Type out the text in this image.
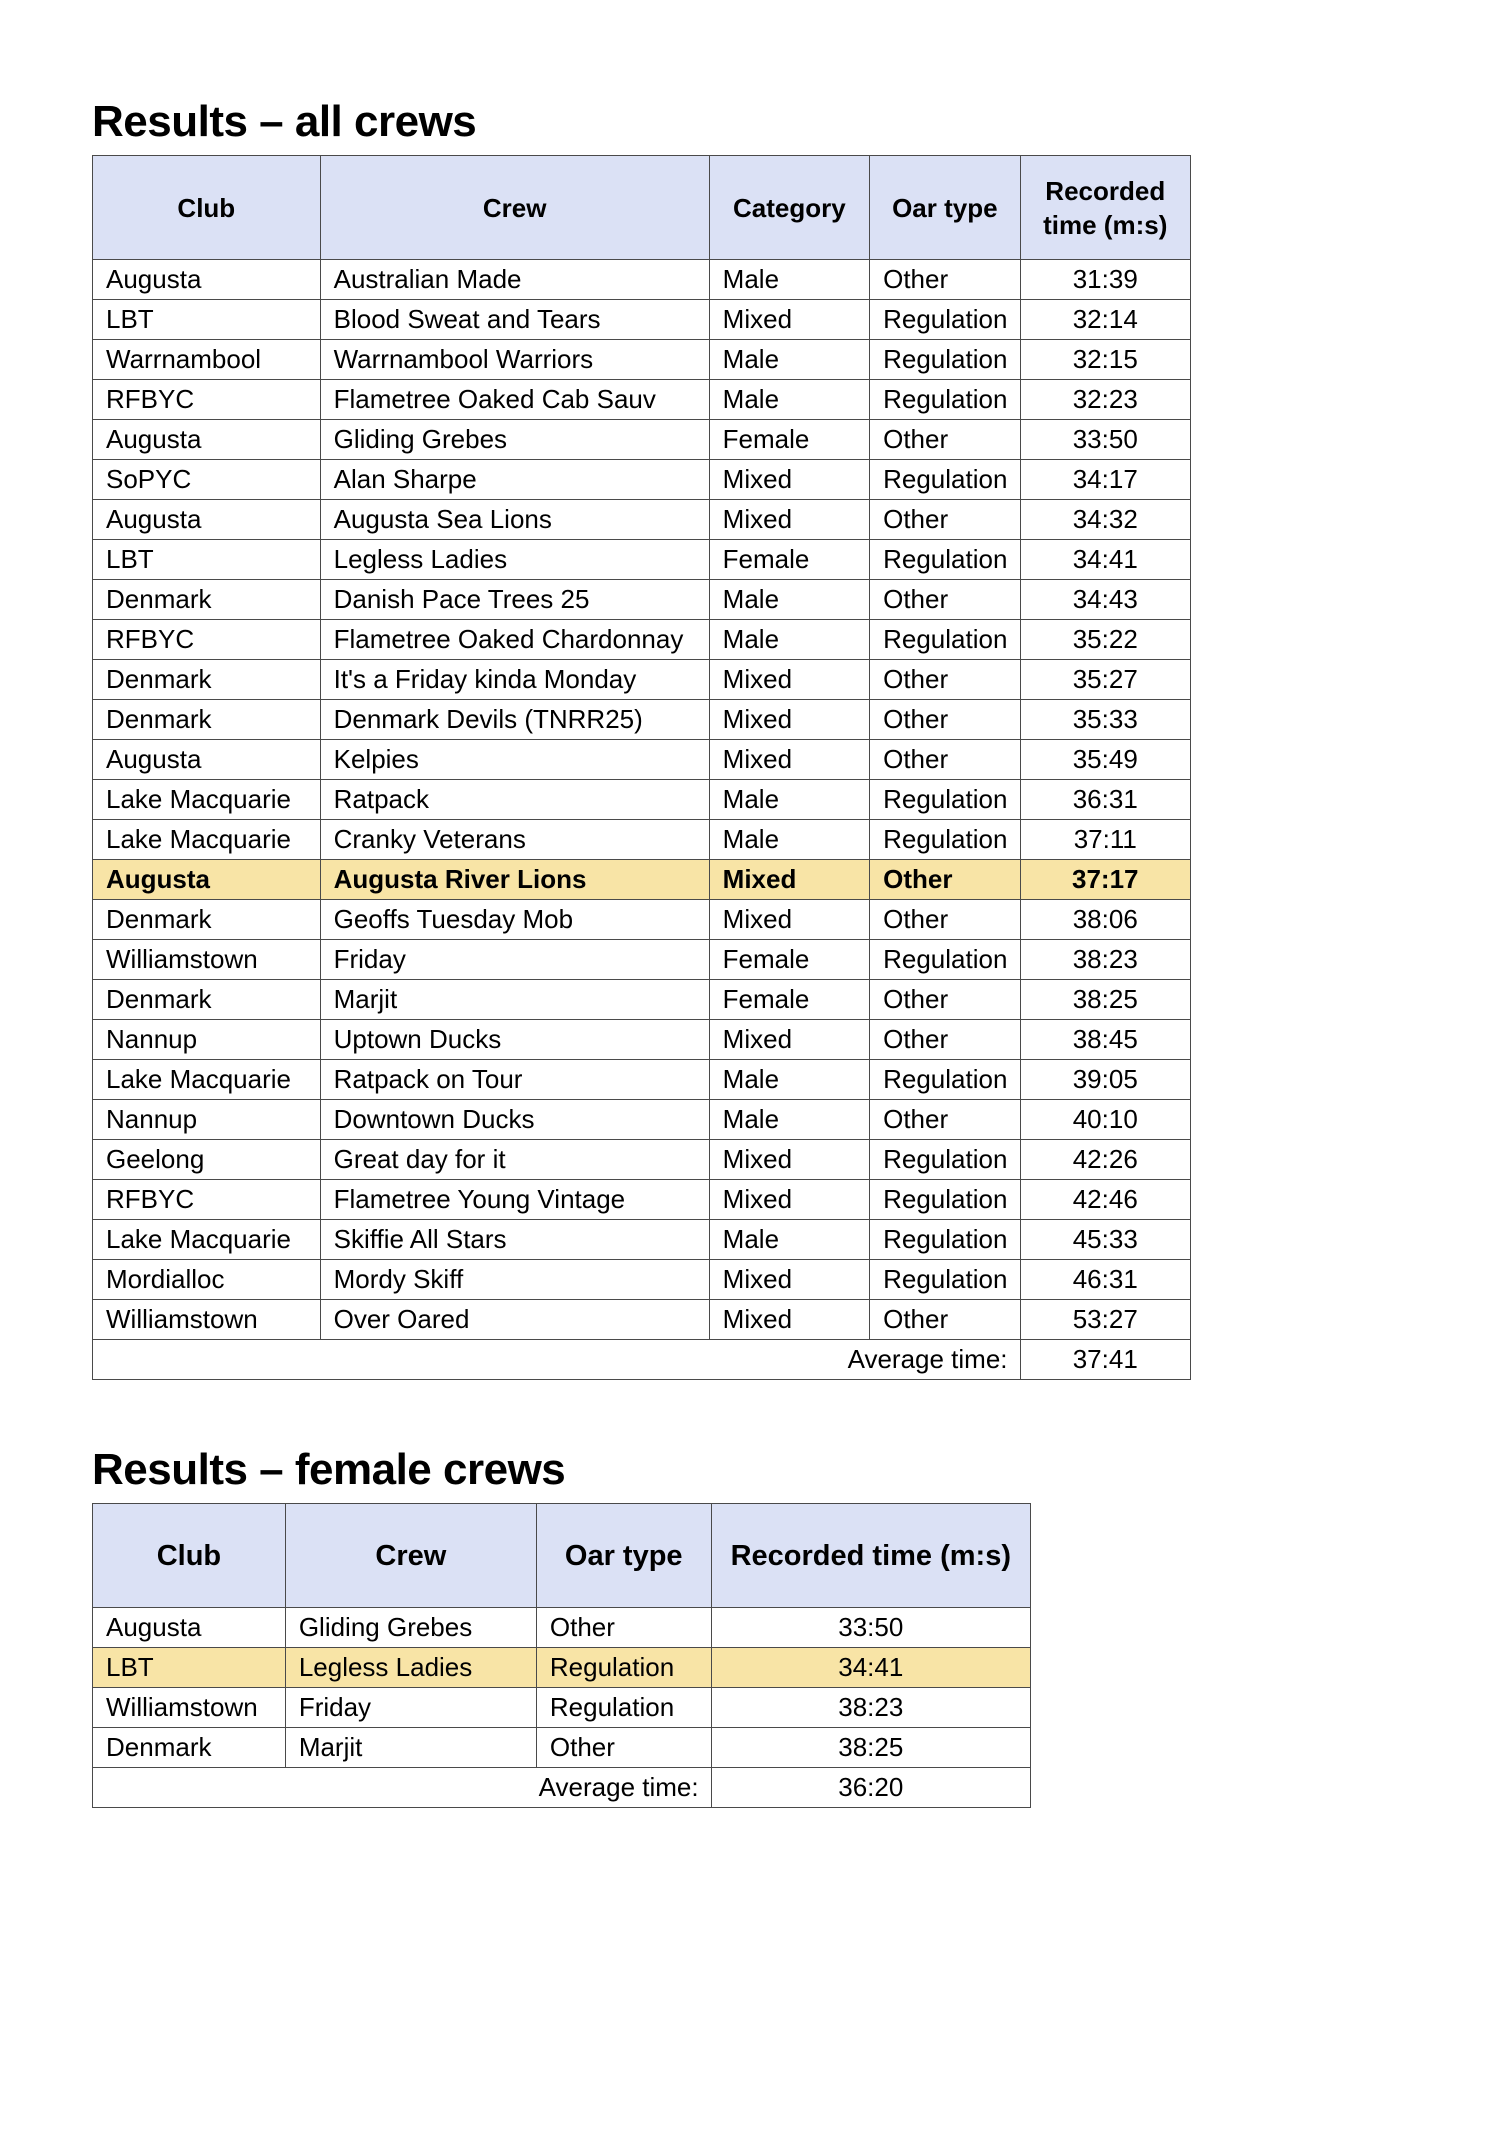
Results – all crews
Club	Crew	Category	Oar type	Recorded time (m:s)
Augusta	Australian Made	Male	Other	31:39
LBT	Blood Sweat and Tears	Mixed	Regulation	32:14
Warrnambool	Warrnambool Warriors	Male	Regulation	32:15
RFBYC	Flametree Oaked Cab Sauv	Male	Regulation	32:23
Augusta	Gliding Grebes	Female	Other	33:50
SoPYC	Alan Sharpe	Mixed	Regulation	34:17
Augusta	Augusta Sea Lions	Mixed	Other	34:32
LBT	Legless Ladies	Female	Regulation	34:41
Denmark	Danish Pace Trees 25	Male	Other	34:43
RFBYC	Flametree Oaked Chardonnay	Male	Regulation	35:22
Denmark	It's a Friday kinda Monday	Mixed	Other	35:27
Denmark	Denmark Devils (TNRR25)	Mixed	Other	35:33
Augusta	Kelpies	Mixed	Other	35:49
Lake Macquarie	Ratpack	Male	Regulation	36:31
Lake Macquarie	Cranky Veterans	Male	Regulation	37:11
Augusta	Augusta River Lions	Mixed	Other	37:17
Denmark	Geoffs Tuesday Mob	Mixed	Other	38:06
Williamstown	Friday	Female	Regulation	38:23
Denmark	Marjit	Female	Other	38:25
Nannup	Uptown Ducks	Mixed	Other	38:45
Lake Macquarie	Ratpack on Tour	Male	Regulation	39:05
Nannup	Downtown Ducks	Male	Other	40:10
Geelong	Great day for it	Mixed	Regulation	42:26
RFBYC	Flametree Young Vintage	Mixed	Regulation	42:46
Lake Macquarie	Skiffie All Stars	Male	Regulation	45:33
Mordialloc	Mordy Skiff	Mixed	Regulation	46:31
Williamstown	Over Oared	Mixed	Other	53:27
Average time:				37:41
Results – female crews
Club	Crew	Oar type	Recorded time (m:s)
Augusta	Gliding Grebes	Other	33:50
LBT	Legless Ladies	Regulation	34:41
Williamstown	Friday	Regulation	38:23
Denmark	Marjit	Other	38:25
Average time:			36:20
